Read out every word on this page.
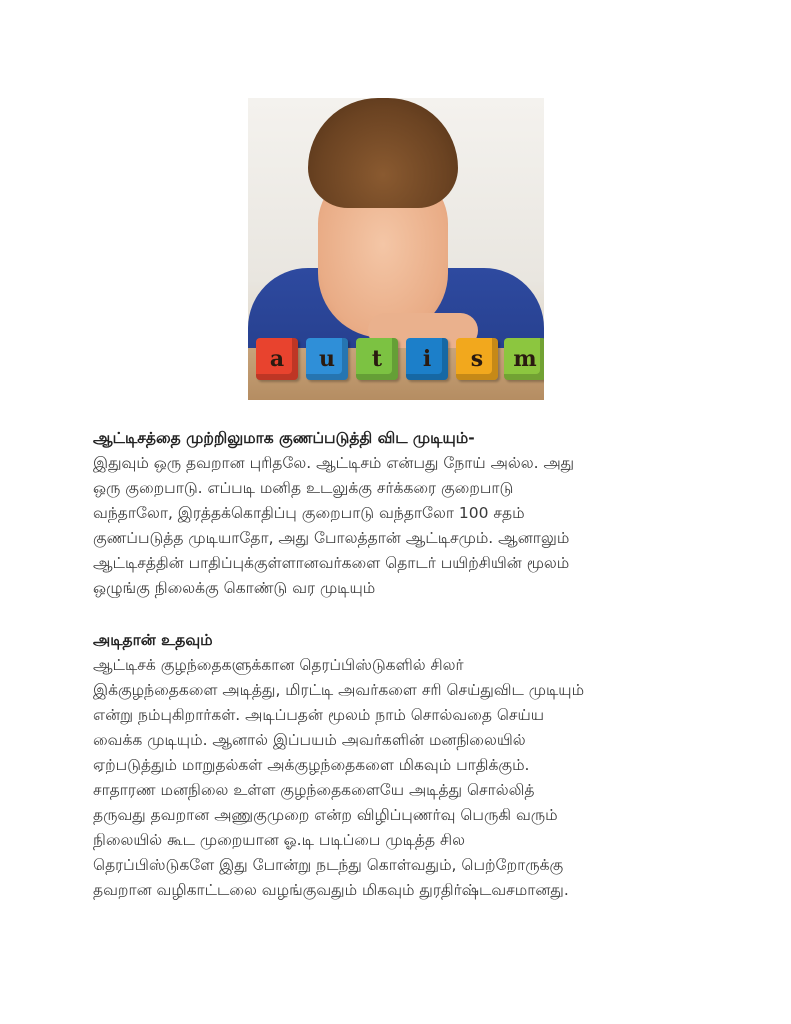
a	u	t	i	s	m
ஆட்டிசத்தை முற்றிலுமாக குணப்படுத்தி விட முடியும்-
இதுவும் ஒரு தவறான புரிதலே. ஆட்டிசம் என்பது நோய் அல்ல. அது
ஒரு குறைபாடு. எப்படி மனித உடலுக்கு சர்க்கரை குறைபாடு
வந்தாலோ, இரத்தக்கொதிப்பு குறைபாடு வந்தாலோ 100 சதம்
குணப்படுத்த முடியாதோ, அது போலத்தான் ஆட்டிசமும். ஆனாலும்
ஆட்டிசத்தின் பாதிப்புக்குள்ளானவர்களை தொடர் பயிற்சியின் மூலம்
ஒழுங்கு நிலைக்கு கொண்டு வர முடியும்
அடிதான் உதவும்
ஆட்டிசக் குழந்தைகளுக்கான தெரப்பிஸ்டுகளில் சிலர்
இக்குழந்தைகளை அடித்து, மிரட்டி அவர்களை சரி செய்துவிட முடியும்
என்று நம்புகிறார்கள். அடிப்பதன் மூலம் நாம் சொல்வதை செய்ய
வைக்க முடியும். ஆனால் இப்பயம் அவர்களின் மனநிலையில்
ஏற்படுத்தும் மாறுதல்கள் அக்குழந்தைகளை மிகவும் பாதிக்கும்.
சாதாரண மனநிலை உள்ள குழந்தைகளையே அடித்து சொல்லித்
தருவது தவறான அணுகுமுறை என்ற விழிப்புணர்வு பெருகி வரும்
நிலையில் கூட முறையான ஓ.டி படிப்பை முடித்த சில
தெரப்பிஸ்டுகளே இது போன்று நடந்து கொள்வதும், பெற்றோருக்கு
தவறான வழிகாட்டலை வழங்குவதும் மிகவும் துரதிர்ஷ்டவசமானது.
